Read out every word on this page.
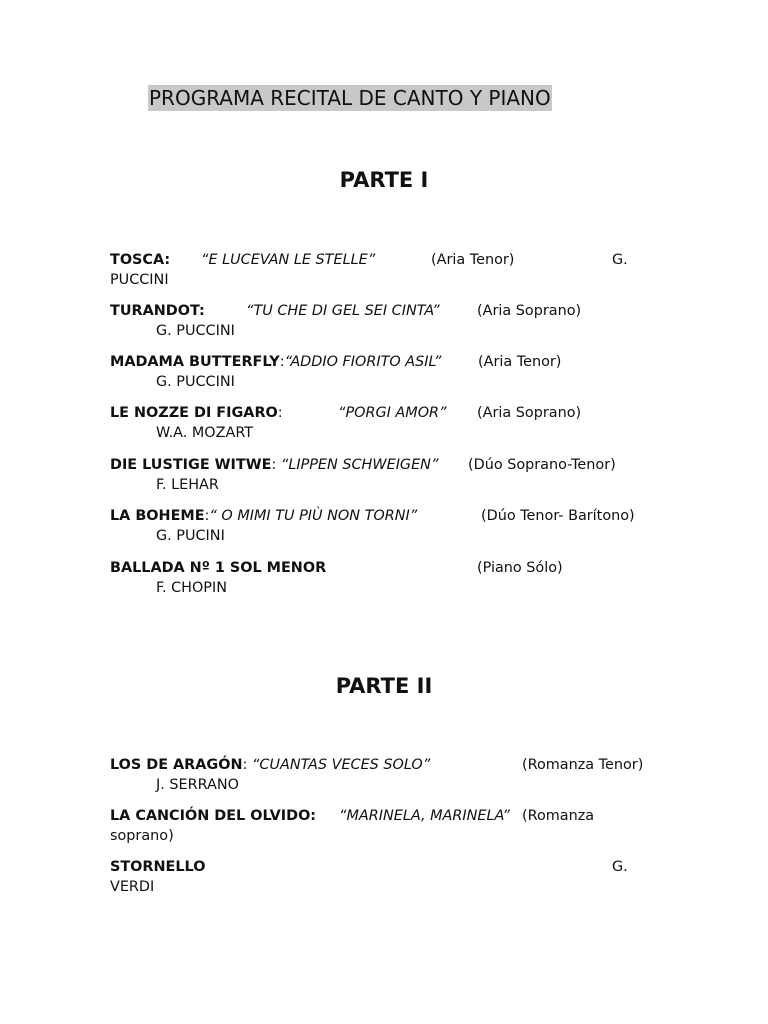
PROGRAMA RECITAL DE CANTO Y PIANO
PARTE I
TOSCA: “E LUCEVAN LE STELLE”	(Aria Tenor)	G.
PUCCINI
TURANDOT:	“TU CHE DI GEL SEI CINTA”	(Aria Soprano)
G. PUCCINI
MADAMA BUTTERFLY:“ADDIO FIORITO ASIL”	(Aria Tenor)
G. PUCCINI
LE NOZZE DI FIGARO:	“PORGI AMOR” (Aria Soprano)
W.A. MOZART
DIE LUSTIGE WITWE: “LIPPEN SCHWEIGEN” (Dúo Soprano-Tenor)
F. LEHAR
LA BOHEME:“ O MIMI TU PIÙ NON TORNI”	(Dúo Tenor- Barítono)
G. PUCINI
BALLADA Nº 1 SOL MENOR	(Piano Sólo)
F. CHOPIN
PARTE II
LOS DE ARAGÓN: “CUANTAS VECES SOLO”	(Romanza Tenor)
J. SERRANO
LA CANCIÓN DEL OLVIDO: “MARINELA, MARINELA” (Romanza
soprano)
STORNELLO	G.
VERDI
